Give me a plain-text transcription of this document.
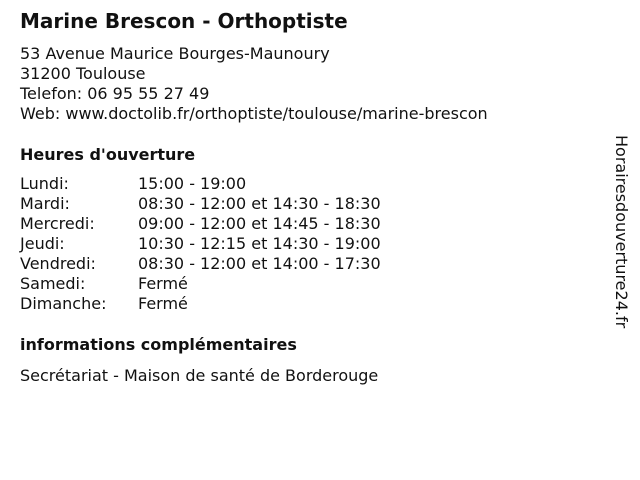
Marine Brescon - Orthoptiste
53 Avenue Maurice Bourges-Maunoury
31200 Toulouse
Telefon: 06 95 55 27 49
Web: www.doctolib.fr/orthoptiste/toulouse/marine-brescon
Heures d'ouverture
Lundi:	15:00 - 19:00
Mardi:	08:30 - 12:00 et 14:30 - 18:30
Mercredi:	09:00 - 12:00 et 14:45 - 18:30
Jeudi:	10:30 - 12:15 et 14:30 - 19:00
Vendredi:	08:30 - 12:00 et 14:00 - 17:30
Samedi:	Fermé
Dimanche: Fermé
informations complémentaires
Secrétariat - Maison de santé de Borderouge
Horairesdouverture24.fr
